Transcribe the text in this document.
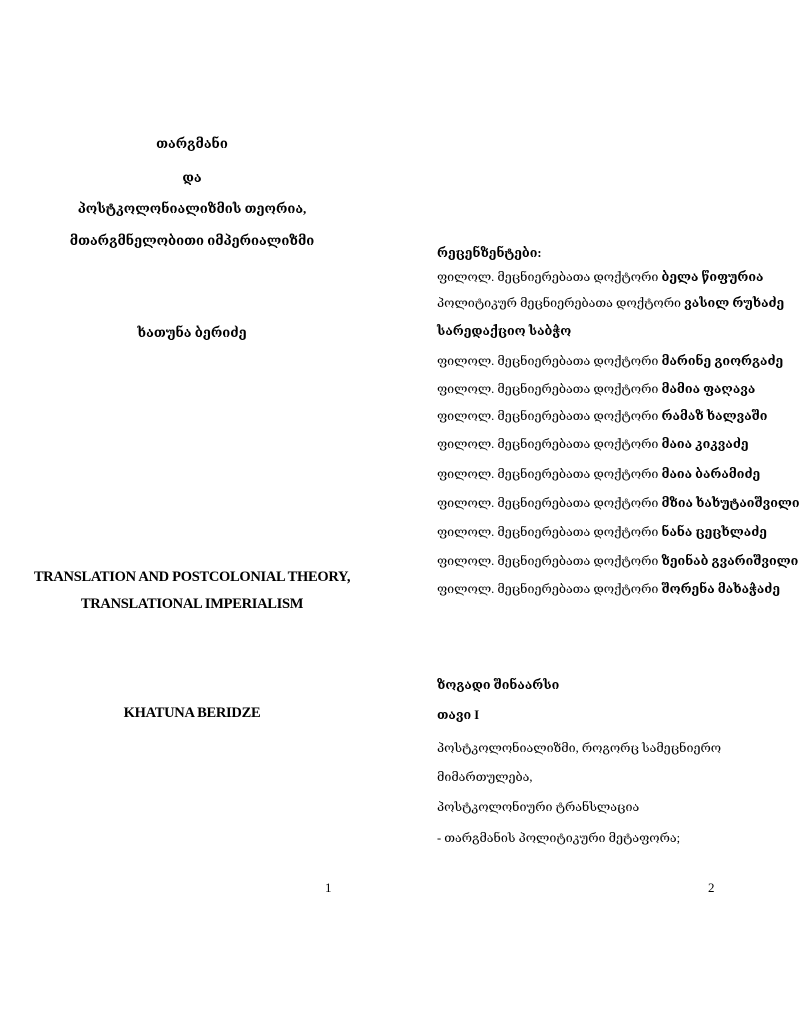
თარგმანი
და
პოსტკოლონიალიზმის თეორია,
მთარგმნელობითი იმპერიალიზმი
ხათუნა ბერიძე
TRANSLATION AND POSTCOLONIAL THEORY,
TRANSLATIONAL IMPERIALISM
KHATUNA BERIDZE
1
რეცენზენტები:
ფილოლ. მეცნიერებათა დოქტორი ბელა წიფურია
პოლიტიკურ მეცნიერებათა დოქტორი ვასილ რუხაძე
სარედაქციო საბჭო
ფილოლ. მეცნიერებათა დოქტორი მარინე გიორგაძე
ფილოლ. მეცნიერებათა დოქტორი მამია ფაღავა
ფილოლ. მეცნიერებათა დოქტორი რამაზ ხალვაში
ფილოლ. მეცნიერებათა დოქტორი მაია კიკვაძე
ფილოლ. მეცნიერებათა დოქტორი მაია ბარამიძე
ფილოლ. მეცნიერებათა დოქტორი მზია ხახუტაიშვილი
ფილოლ. მეცნიერებათა დოქტორი ნანა ცეცხლაძე
ფილოლ. მეცნიერებათა დოქტორი ზეინაბ გვარიშვილი
ფილოლ. მეცნიერებათა დოქტორი შორენა მახაჭაძე
ზოგადი შინაარსი
თავი I
პოსტკოლონიალიზმი, როგორც სამეცნიერო
მიმართულება,
პოსტკოლონიური ტრანსლაცია
- თარგმანის პოლიტიკური მეტაფორა;
2
